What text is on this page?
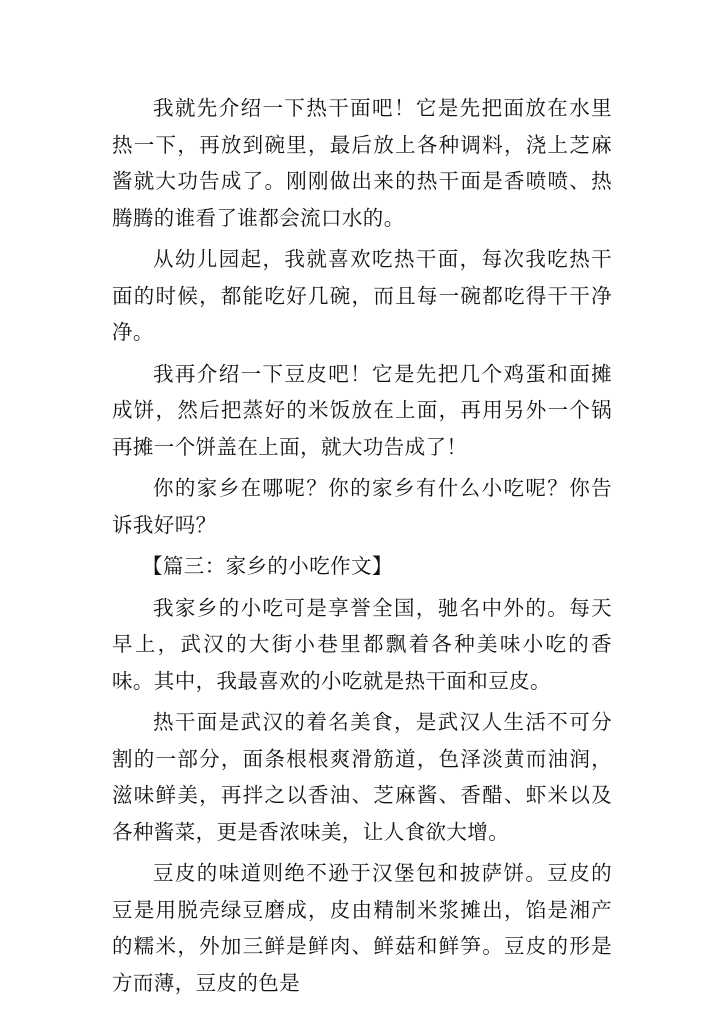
我就先介绍一下热干面吧！它是先把面放在水里热一下，再放到碗里，最后放上各种调料，浇上芝麻酱就大功告成了。刚刚做出来的热干面是香喷喷、热腾腾的谁看了谁都会流口水的。

从幼儿园起，我就喜欢吃热干面，每次我吃热干面的时候，都能吃好几碗，而且每一碗都吃得干干净净。

我再介绍一下豆皮吧！它是先把几个鸡蛋和面摊成饼，然后把蒸好的米饭放在上面，再用另外一个锅再摊一个饼盖在上面，就大功告成了！

你的家乡在哪呢？你的家乡有什么小吃呢？你告诉我好吗？

【篇三：家乡的小吃作文】

我家乡的小吃可是享誉全国，驰名中外的。每天早上，武汉的大街小巷里都飘着各种美味小吃的香味。其中，我最喜欢的小吃就是热干面和豆皮。

热干面是武汉的着名美食，是武汉人生活不可分割的一部分，面条根根爽滑筋道，色泽淡黄而油润，滋味鲜美，再拌之以香油、芝麻酱、香醋、虾米以及各种酱菜，更是香浓味美，让人食欲大增。

豆皮的味道则绝不逊于汉堡包和披萨饼。豆皮的豆是用脱壳绿豆磨成，皮由精制米浆摊出，馅是湘产的糯米，外加三鲜是鲜肉、鲜菇和鲜笋。豆皮的形是方而薄，豆皮的色是
